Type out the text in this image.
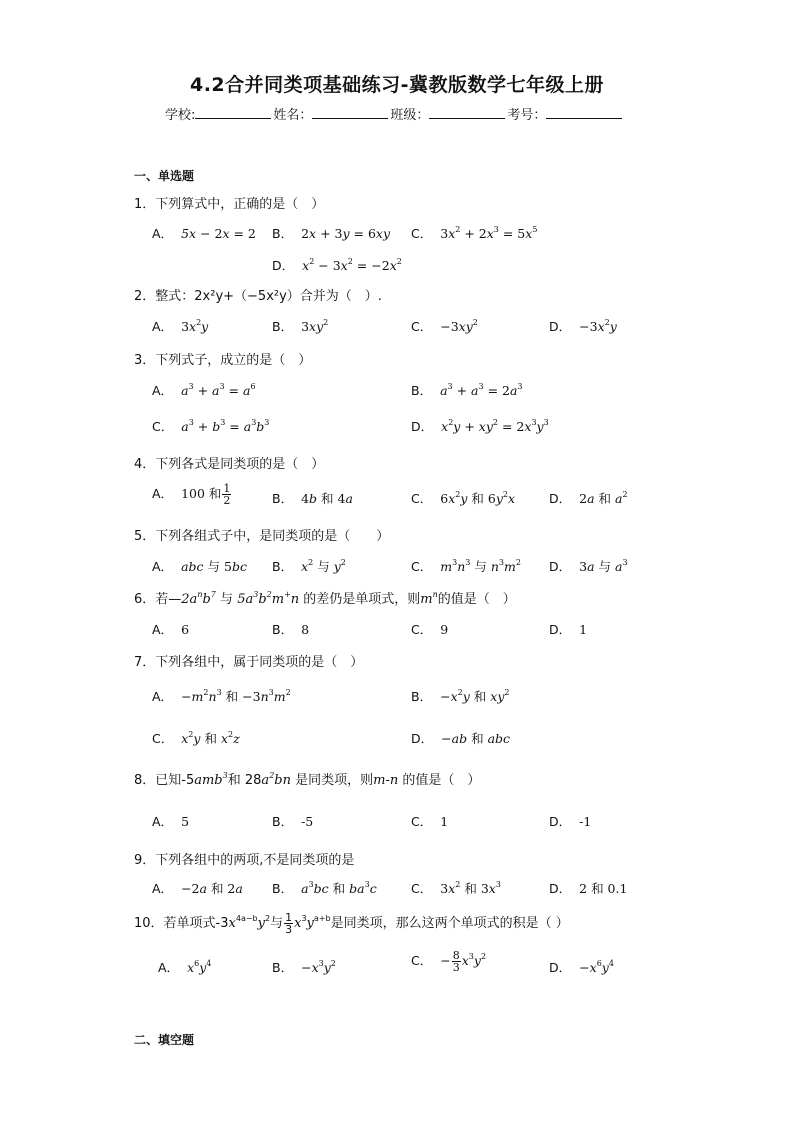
4.2合并同类项基础练习-冀教版数学七年级上册
学校:	姓名：	班级：	考号：
一、单选题
1．下列算式中，正确的是（　）
A． 5x − 2x = 2 B． 2x + 3y = 6xy C． $3x^2 + 2x^3 = 5x^5$
D． $x^2 - 3x^2 = -2x^2$
2．整式：2x²y+（−5x²y）合并为（　）.
A． $3x^2y$	B． $3xy^2$	C． $-3xy^2$	D． $-3x^2y$
3．下列式子，成立的是（　）
A． $a^3 + a^3 = a^6$	B． $a^3 + a^3 = 2a^3$
C． $a^3 + b^3 = a^3b^3$	D． $x^2y + xy^2 = 2x^3y^3$
4．下列各式是同类项的是（　）
A． 100 和 $\frac{1}{2}$	B． 4b 和 4a	C． $6x^2y$ 和 $6y^2x$	D． 2a 和 $a^2$
5．下列各组式子中，是同类项的是（　　）
A． abc 与 5bc B． $x^2$ 与 $y^2$	C． $m^3n^3$ 与 $n^3m^2$ D． 3a 与 $a^3$
6．若$—2a^nb^7$ 与 $5a^3b^2m^+n$ 的差仍是单项式，则$m^n$的值是（　）
A． 6	B． 8	C． 9	D． 1
7．下列各组中，属于同类项的是（　）
A． $-m^2n^3$ 和 $-3n^3m^2$	B． $-x^2y$ 和 $xy^2$
C． $x^2y$ 和 $x^2z$	D． −ab 和 abc
8．已知-5amb$^3$和 $28a^2bn$ 是同类项，则m-n 的值是（　）
A． 5	B． -5	C． 1	D． -1
9．下列各组中的两项,不是同类项的是
A． −2a 和 2a B． $a^3bc$ 和 $ba^3c$	C． $3x^2$ 和 $3x^3$	D． 2 和 0.1
10．若单项式$-3x^{4a-b}y^2$与 $\frac{1}{3} x^3y^{a+b}$是同类项，那么这两个单项式的积是（ ）
A． $x^6y^4$	B． $-x^3y^2$	C． − $\frac{8}{3} x^3y^2$
D． $-x^6y^4$
二、填空题
